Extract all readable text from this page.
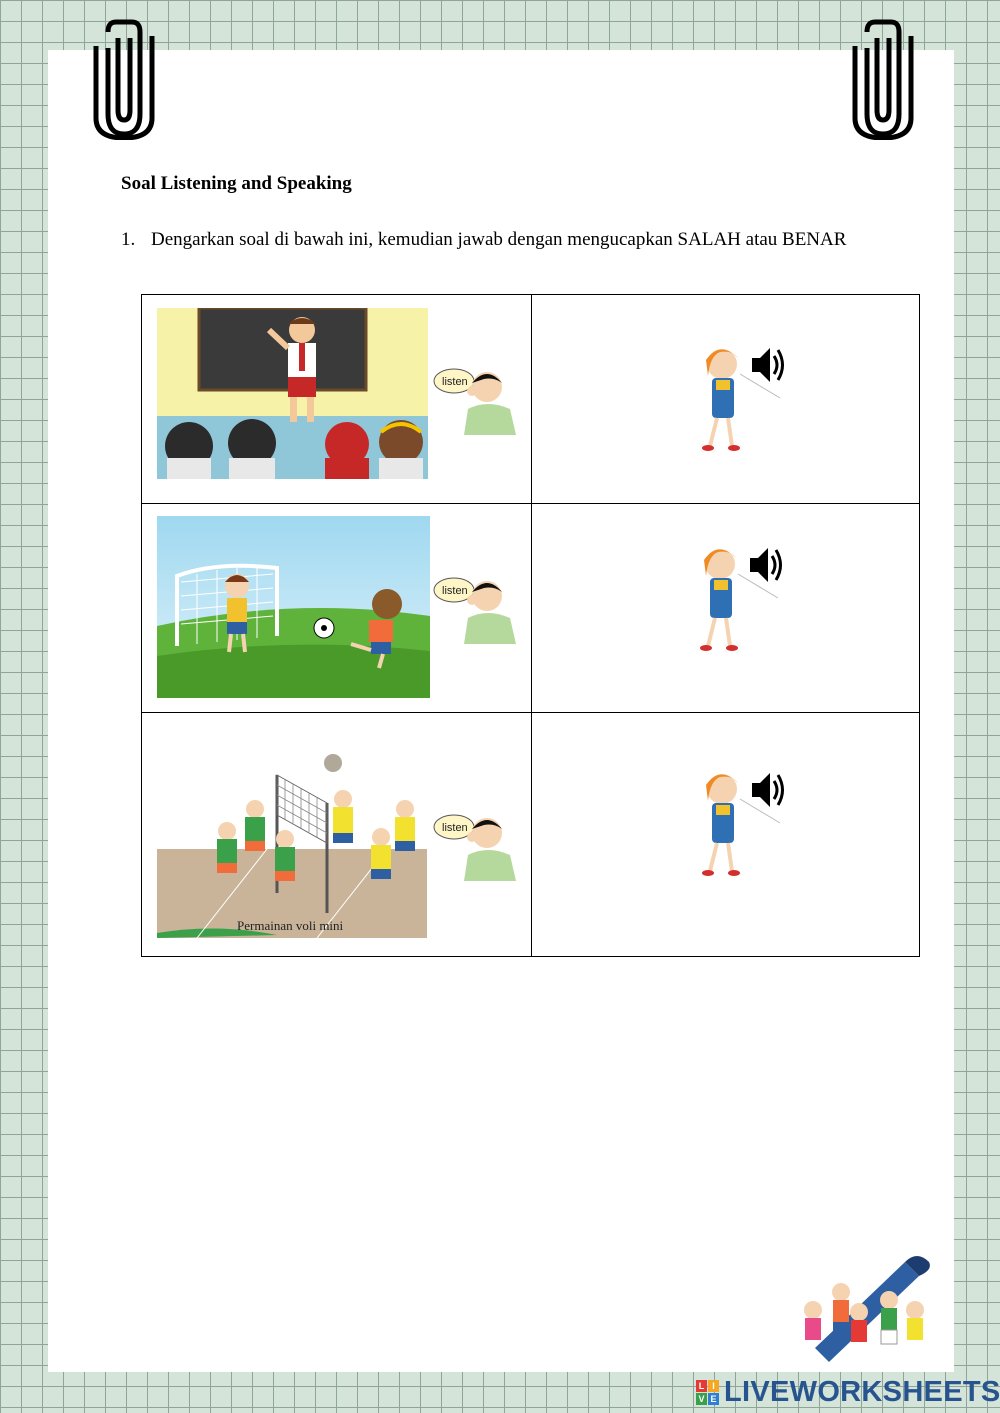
Soal Listening and Speaking
1. Dengarkan soal di bawah ini, kemudian jawab dengan mengucapkan SALAH atau BENAR
listen
listen
Permainan voli mini
listen
L I
V E LIVEWORKSHEETS
